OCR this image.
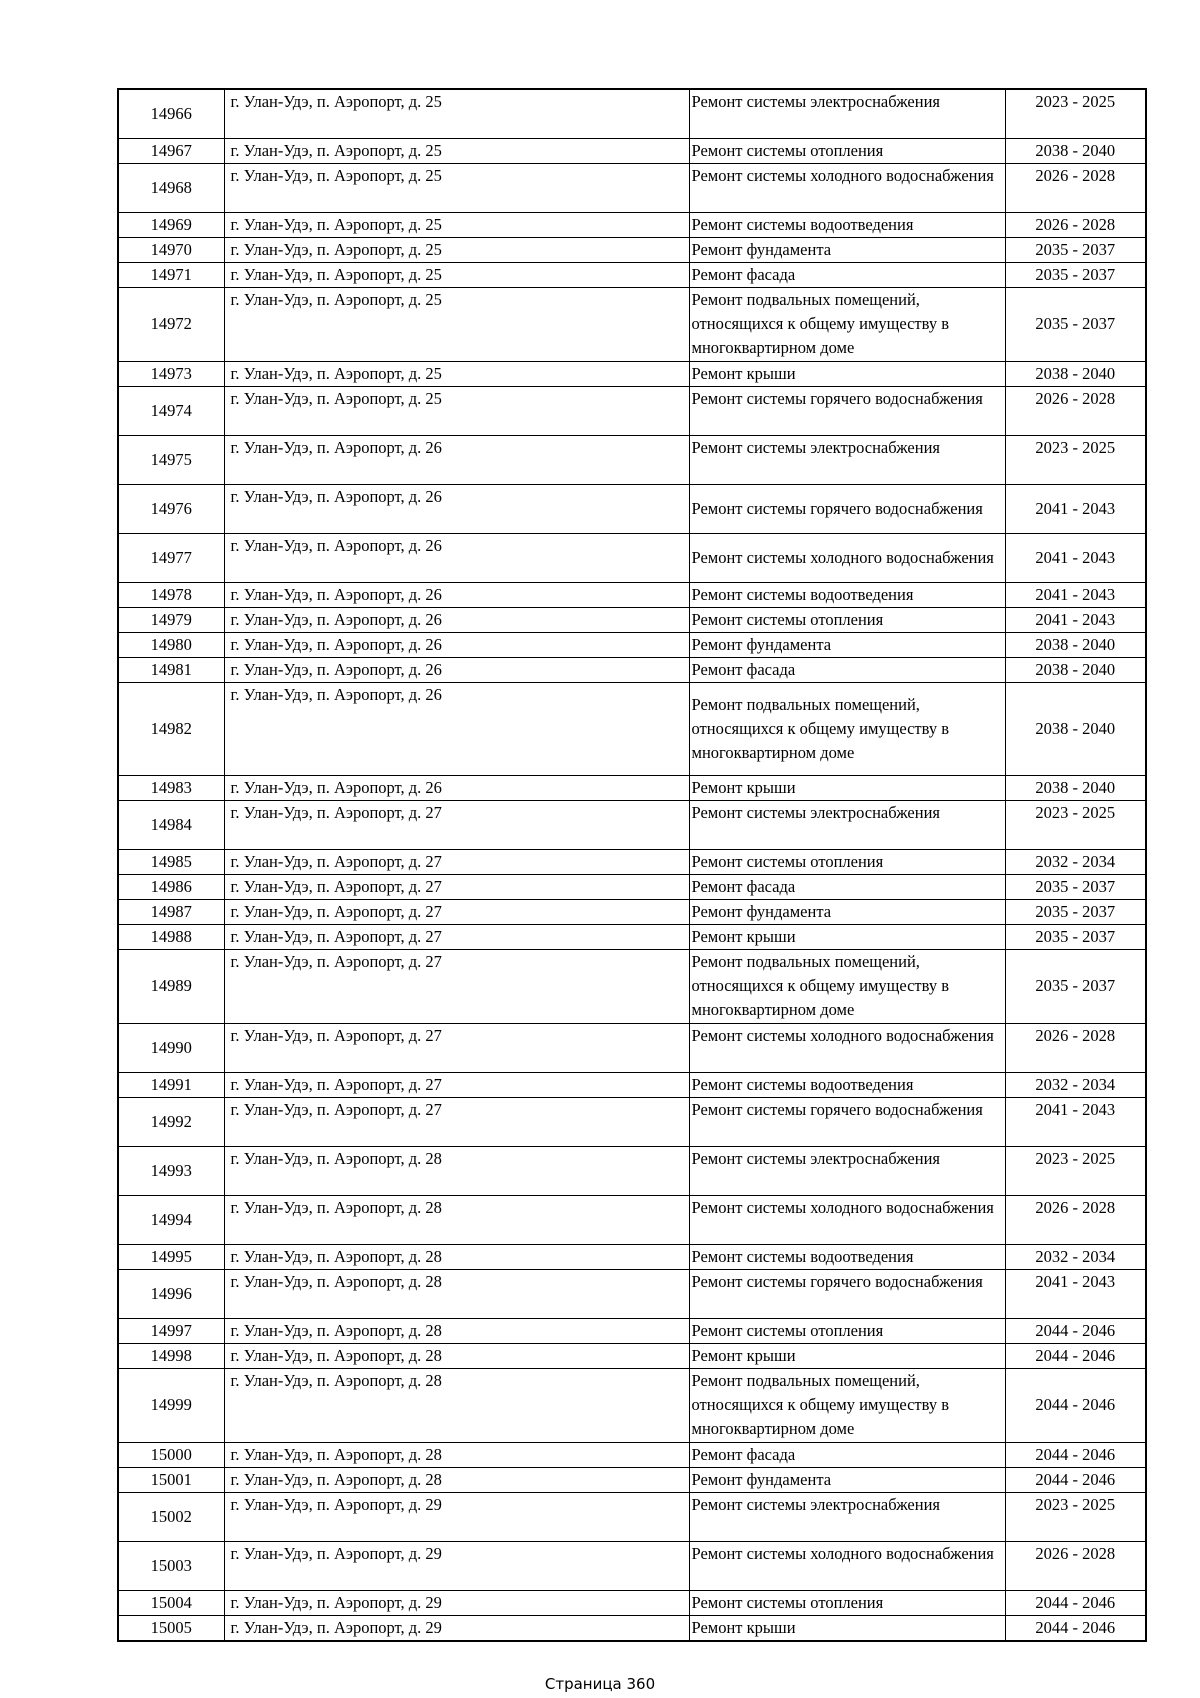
14966	г. Улан-Удэ, п. Аэропорт, д. 25	Ремонт системы электроснабжения	2023 - 2025
14967	г. Улан-Удэ, п. Аэропорт, д. 25	Ремонт системы отопления	2038 - 2040
14968	г. Улан-Удэ, п. Аэропорт, д. 25	Ремонт системы холодного водоснабжения	2026 - 2028
14969	г. Улан-Удэ, п. Аэропорт, д. 25	Ремонт системы водоотведения	2026 - 2028
14970	г. Улан-Удэ, п. Аэропорт, д. 25	Ремонт фундамента	2035 - 2037
14971	г. Улан-Удэ, п. Аэропорт, д. 25	Ремонт фасада	2035 - 2037
14972	г. Улан-Удэ, п. Аэропорт, д. 25	Ремонт подвальных помещений, относящихся к общему имуществу в многоквартирном доме	2035 - 2037
14973	г. Улан-Удэ, п. Аэропорт, д. 25	Ремонт крыши	2038 - 2040
14974	г. Улан-Удэ, п. Аэропорт, д. 25	Ремонт системы горячего водоснабжения	2026 - 2028
14975	г. Улан-Удэ, п. Аэропорт, д. 26	Ремонт системы электроснабжения	2023 - 2025
14976	г. Улан-Удэ, п. Аэропорт, д. 26	Ремонт системы горячего водоснабжения	2041 - 2043
14977	г. Улан-Удэ, п. Аэропорт, д. 26	Ремонт системы холодного водоснабжения	2041 - 2043
14978	г. Улан-Удэ, п. Аэропорт, д. 26	Ремонт системы водоотведения	2041 - 2043
14979	г. Улан-Удэ, п. Аэропорт, д. 26	Ремонт системы отопления	2041 - 2043
14980	г. Улан-Удэ, п. Аэропорт, д. 26	Ремонт фундамента	2038 - 2040
14981	г. Улан-Удэ, п. Аэропорт, д. 26	Ремонт фасада	2038 - 2040
14982	г. Улан-Удэ, п. Аэропорт, д. 26	Ремонт подвальных помещений, относящихся к общему имуществу в многоквартирном доме	2038 - 2040
14983	г. Улан-Удэ, п. Аэропорт, д. 26	Ремонт крыши	2038 - 2040
14984	г. Улан-Удэ, п. Аэропорт, д. 27	Ремонт системы электроснабжения	2023 - 2025
14985	г. Улан-Удэ, п. Аэропорт, д. 27	Ремонт системы отопления	2032 - 2034
14986	г. Улан-Удэ, п. Аэропорт, д. 27	Ремонт фасада	2035 - 2037
14987	г. Улан-Удэ, п. Аэропорт, д. 27	Ремонт фундамента	2035 - 2037
14988	г. Улан-Удэ, п. Аэропорт, д. 27	Ремонт крыши	2035 - 2037
14989	г. Улан-Удэ, п. Аэропорт, д. 27	Ремонт подвальных помещений, относящихся к общему имуществу в многоквартирном доме	2035 - 2037
14990	г. Улан-Удэ, п. Аэропорт, д. 27	Ремонт системы холодного водоснабжения	2026 - 2028
14991	г. Улан-Удэ, п. Аэропорт, д. 27	Ремонт системы водоотведения	2032 - 2034
14992	г. Улан-Удэ, п. Аэропорт, д. 27	Ремонт системы горячего водоснабжения	2041 - 2043
14993	г. Улан-Удэ, п. Аэропорт, д. 28	Ремонт системы электроснабжения	2023 - 2025
14994	г. Улан-Удэ, п. Аэропорт, д. 28	Ремонт системы холодного водоснабжения	2026 - 2028
14995	г. Улан-Удэ, п. Аэропорт, д. 28	Ремонт системы водоотведения	2032 - 2034
14996	г. Улан-Удэ, п. Аэропорт, д. 28	Ремонт системы горячего водоснабжения	2041 - 2043
14997	г. Улан-Удэ, п. Аэропорт, д. 28	Ремонт системы отопления	2044 - 2046
14998	г. Улан-Удэ, п. Аэропорт, д. 28	Ремонт крыши	2044 - 2046
14999	г. Улан-Удэ, п. Аэропорт, д. 28	Ремонт подвальных помещений, относящихся к общему имуществу в многоквартирном доме	2044 - 2046
15000	г. Улан-Удэ, п. Аэропорт, д. 28	Ремонт фасада	2044 - 2046
15001	г. Улан-Удэ, п. Аэропорт, д. 28	Ремонт фундамента	2044 - 2046
15002	г. Улан-Удэ, п. Аэропорт, д. 29	Ремонт системы электроснабжения	2023 - 2025
15003	г. Улан-Удэ, п. Аэропорт, д. 29	Ремонт системы холодного водоснабжения	2026 - 2028
15004	г. Улан-Удэ, п. Аэропорт, д. 29	Ремонт системы отопления	2044 - 2046
15005	г. Улан-Удэ, п. Аэропорт, д. 29	Ремонт крыши	2044 - 2046
Страница 360
